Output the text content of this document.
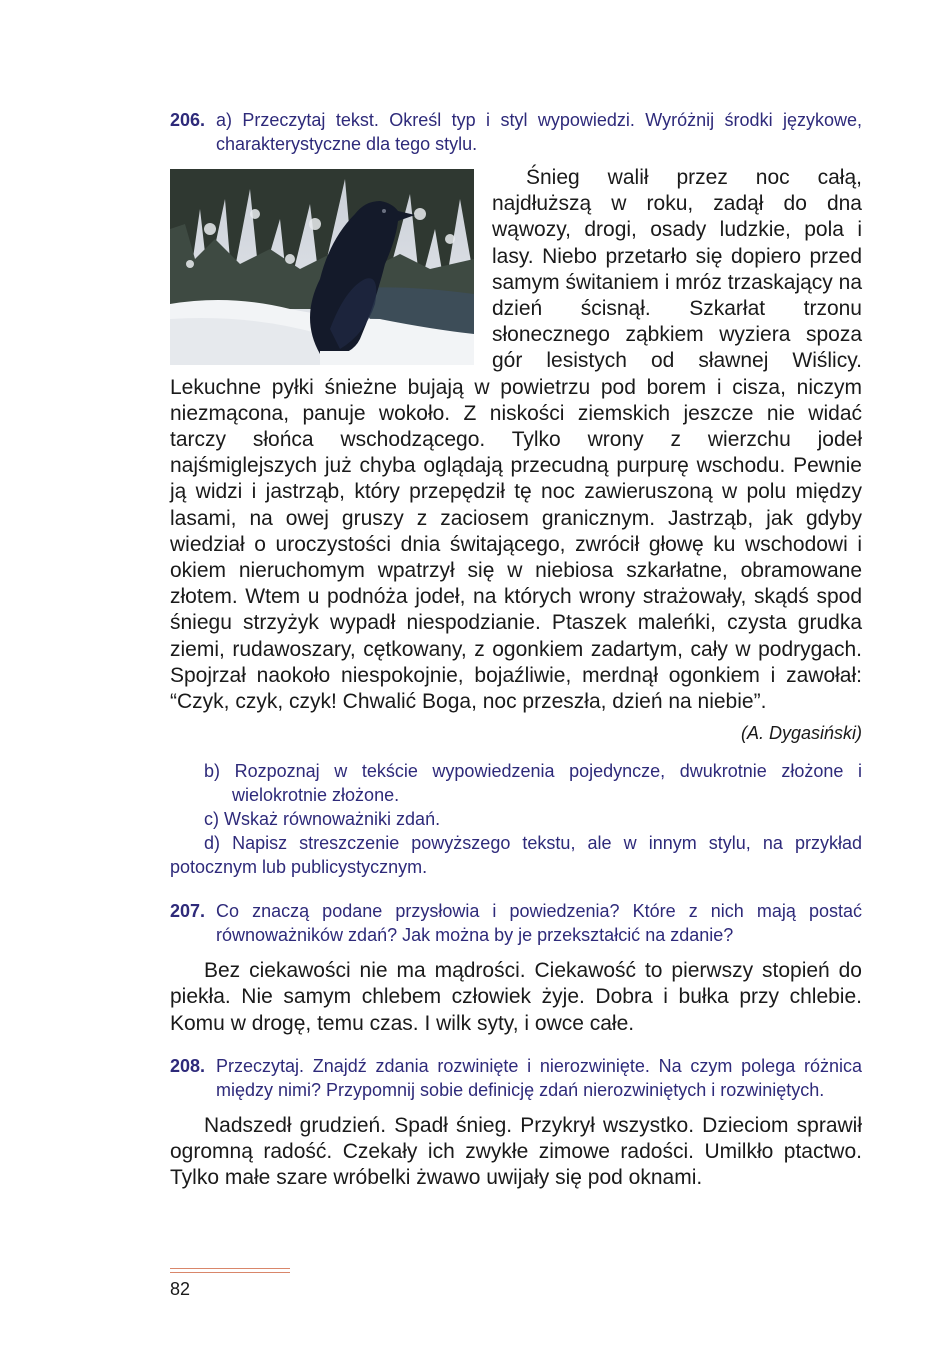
206. a) Przeczytaj tekst. Określ typ i styl wypowiedzi. Wyróżnij środki językowe, charakterystyczne dla tego stylu.
Śnieg walił przez noc całą, najdłuższą w roku, zadął do dna wąwozy, drogi, osady ludzkie, pola i lasy. Niebo przetarło się dopiero przed samym świtaniem i mróz trzaskający na dzień ścisnął. Szkarłat trzonu słonecznego ząbkiem wyziera spoza gór lesistych od sławnej Wiślicy. Lekuchne pyłki śnieżne bujają w powietrzu pod borem i cisza, niczym niezmącona, panuje wokoło. Z niskości ziemskich jeszcze nie widać tarczy słońca wschodzącego. Tylko wrony z wierzchu jodeł najśmiglejszych już chyba oglądają przecudną purpurę wschodu. Pewnie ją widzi i jastrząb, który przepędził tę noc zawieruszoną w polu między lasami, na owej gruszy z zaciosem granicznym. Jastrząb, jak gdyby wiedział o uroczystości dnia świtającego, zwrócił głowę ku wschodowi i okiem nieruchomym wpatrzył się w niebiosa szkarłatne, obramowane złotem. Wtem u podnóża jodeł, na których wrony strażowały, skądś spod śniegu strzyżyk wypadł niespodzianie. Ptaszek maleńki, czysta grudka ziemi, rudawoszary, cętkowany, z ogonkiem zadartym, cały w podrygach. Spojrzał naokoło niespokojnie, bojaźliwie, merdnął ogonkiem i zawołał: “Czyk, czyk, czyk! Chwalić Boga, noc przeszła, dzień na niebie”.
(A. Dygasiński)
b) Rozpoznaj w tekście wypowiedzenia pojedyncze, dwukrotnie złożone i wielokrotnie złożone.
c) Wskaż równoważniki zdań.
d) Napisz streszczenie powyższego tekstu, ale w innym stylu, na przykład potocznym lub publicystycznym.
207. Co znaczą podane przysłowia i powiedzenia? Które z nich mają postać równoważników zdań? Jak można by je przekształcić na zdanie?
Bez ciekawości nie ma mądrości. Ciekawość to pierwszy stopień do piekła. Nie samym chlebem człowiek żyje. Dobra i bułka przy chlebie. Komu w drogę, temu czas. I wilk syty, i owce całe.
208. Przeczytaj. Znajdź zdania rozwinięte i nierozwinięte. Na czym polega różnica między nimi? Przypomnij sobie definicję zdań nierozwiniętych i rozwiniętych.
Nadszedł grudzień. Spadł śnieg. Przykrył wszystko. Dzieciom sprawił ogromną radość. Czekały ich zwykłe zimowe radości. Umilkło ptactwo. Tylko małe szare wróbelki żwawo uwijały się pod oknami.
82
